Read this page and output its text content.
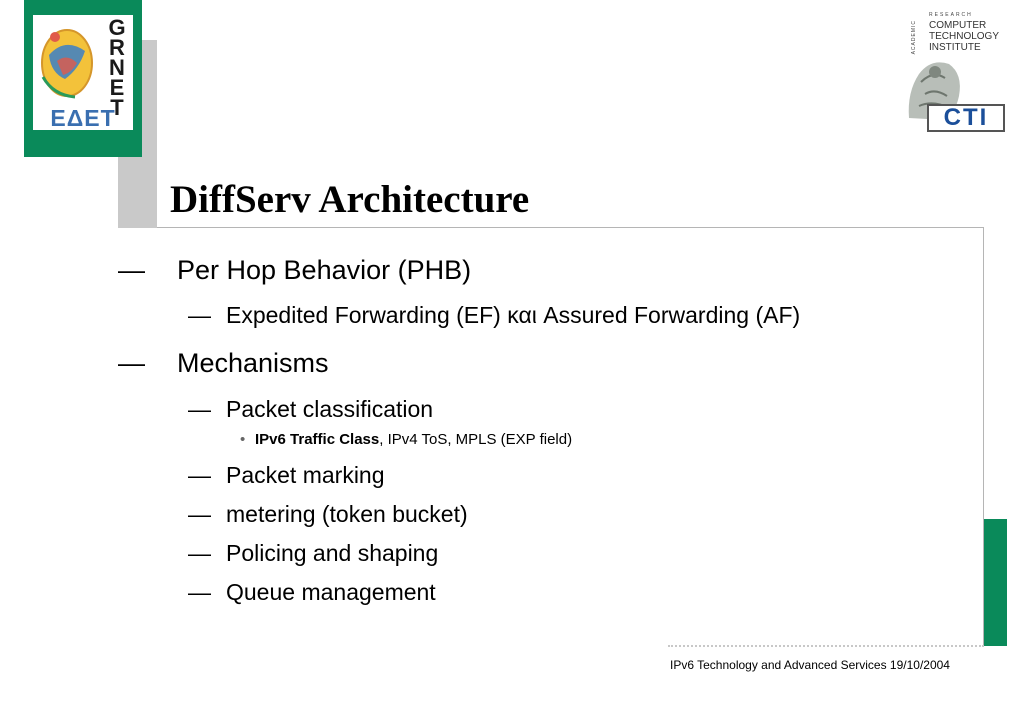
G
R
N
E
T
ΕΔΕΤ
RESEARCH
ACADEMIC COMPUTER
TECHNOLOGY
INSTITUTE
CTI
DiffServ Architecture
— Per Hop Behavior (PHB)
— Expedited Forwarding (EF) και Assured Forwarding (AF)
— Mechanisms
— Packet classification
• IPv6 Traffic Class, IPv4 ToS, MPLS (EXP field)
— Packet marking
— metering (token bucket)
— Policing and shaping
— Queue management
IPv6 Technology and Advanced Services 19/10/2004
